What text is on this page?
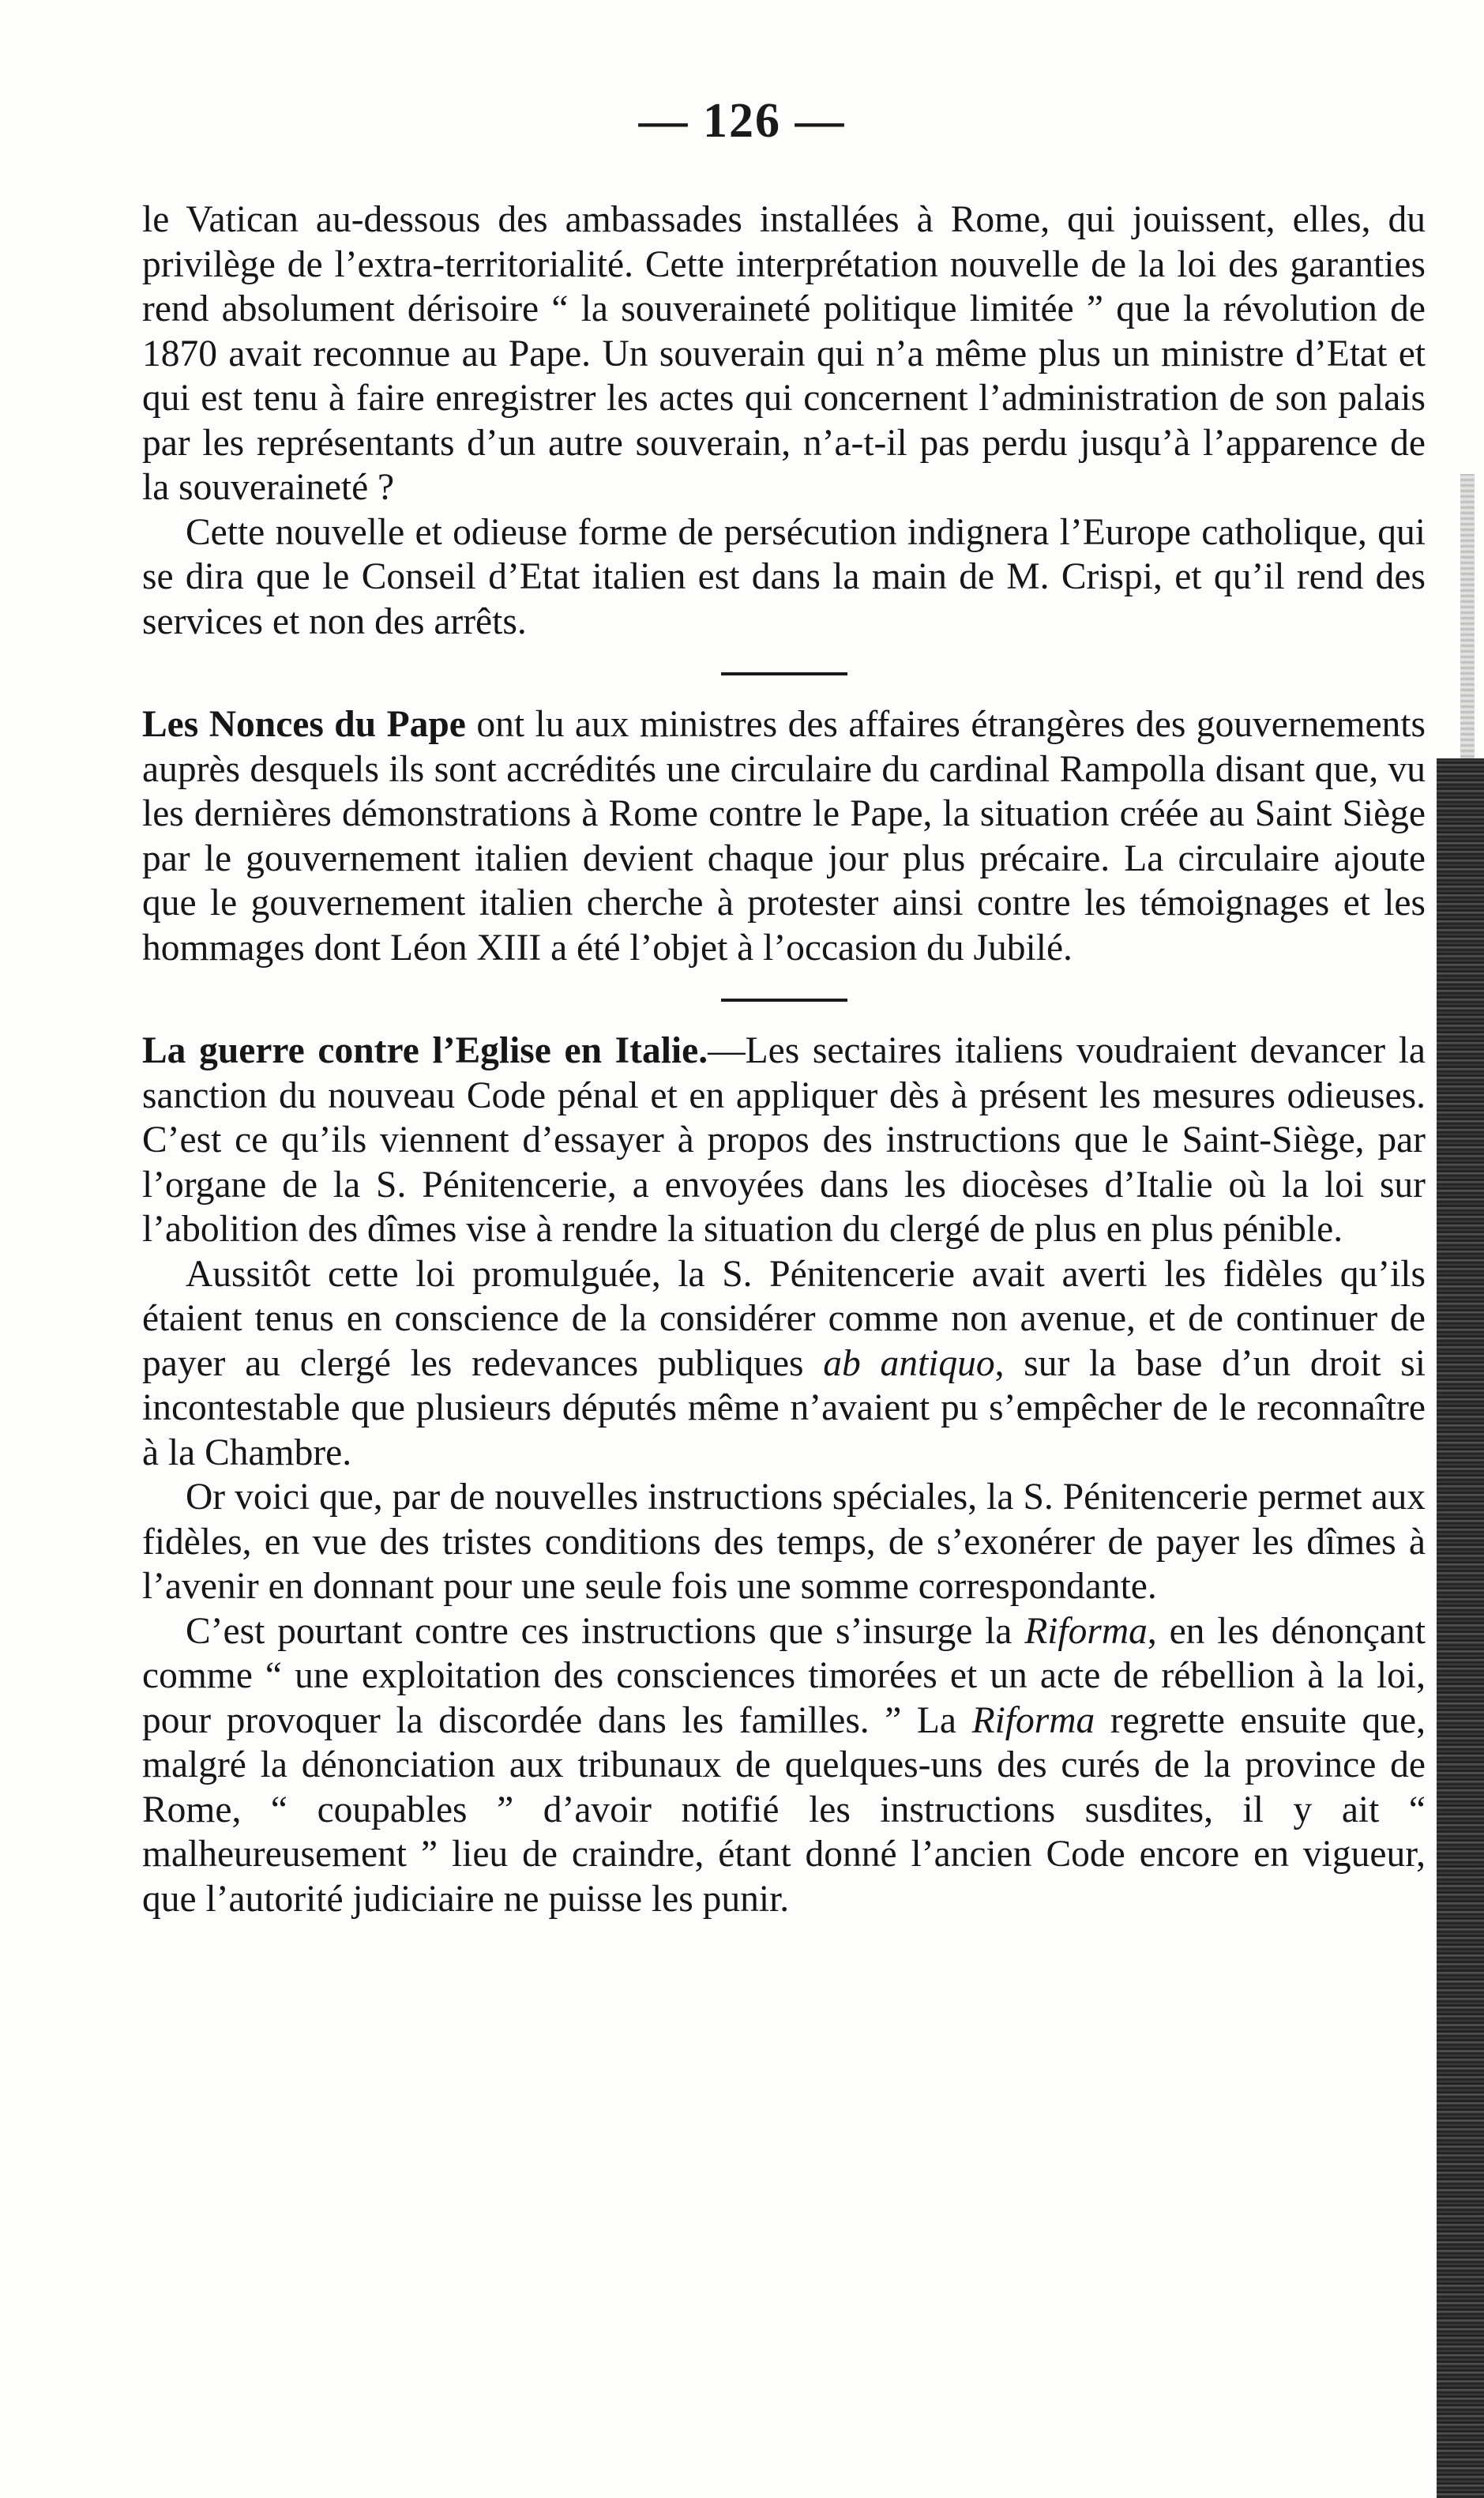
— 126 —

le Vatican au-dessous des ambassades installées à Rome, qui jouissent, elles, du privilège de l’extra-territorialité. Cette interprétation nouvelle de la loi des garanties rend absolument dérisoire “ la souveraineté politique limitée ” que la révolution de 1870 avait reconnue au Pape. Un souverain qui n’a même plus un ministre d’Etat et qui est tenu à faire enregistrer les actes qui concernent l’administration de son palais par les représentants d’un autre souverain, n’a-t-il pas perdu jusqu’à l’apparence de la souveraineté ?

Cette nouvelle et odieuse forme de persécution indignera l’Europe catholique, qui se dira que le Conseil d’Etat italien est dans la main de M. Crispi, et qu’il rend des services et non des arrêts.

Les Nonces du Pape ont lu aux ministres des affaires étrangères des gouvernements auprès desquels ils sont accrédités une circulaire du cardinal Rampolla disant que, vu les dernières démonstrations à Rome contre le Pape, la situation créée au Saint Siège par le gouvernement italien devient chaque jour plus précaire. La circulaire ajoute que le gouvernement italien cherche à protester ainsi contre les témoignages et les hommages dont Léon XIII a été l’objet à l’occasion du Jubilé.

La guerre contre l’Eglise en Italie.—Les sectaires italiens voudraient devancer la sanction du nouveau Code pénal et en appliquer dès à présent les mesures odieuses. C’est ce qu’ils viennent d’essayer à propos des instructions que le Saint-Siège, par l’organe de la S. Pénitencerie, a envoyées dans les diocèses d’Italie où la loi sur l’abolition des dîmes vise à rendre la situation du clergé de plus en plus pénible.

Aussitôt cette loi promulguée, la S. Pénitencerie avait averti les fidèles qu’ils étaient tenus en conscience de la considérer comme non avenue, et de continuer de payer au clergé les redevances publiques ab antiquo, sur la base d’un droit si incontestable que plusieurs députés même n’avaient pu s’empêcher de le reconnaître à la Chambre.

Or voici que, par de nouvelles instructions spéciales, la S. Pénitencerie permet aux fidèles, en vue des tristes conditions des temps, de s’exonérer de payer les dîmes à l’avenir en donnant pour une seule fois une somme correspondante.

C’est pourtant contre ces instructions que s’insurge la Riforma, en les dénonçant comme “ une exploitation des consciences timorées et un acte de rébellion à la loi, pour provoquer la discordée dans les familles. ” La Riforma regrette ensuite que, malgré la dénonciation aux tribunaux de quelques-uns des curés de la province de Rome, “ coupables ” d’avoir notifié les instructions susdites, il y ait “ malheureusement ” lieu de craindre, étant donné l’ancien Code encore en vigueur, que l’autorité judiciaire ne puisse les punir.
